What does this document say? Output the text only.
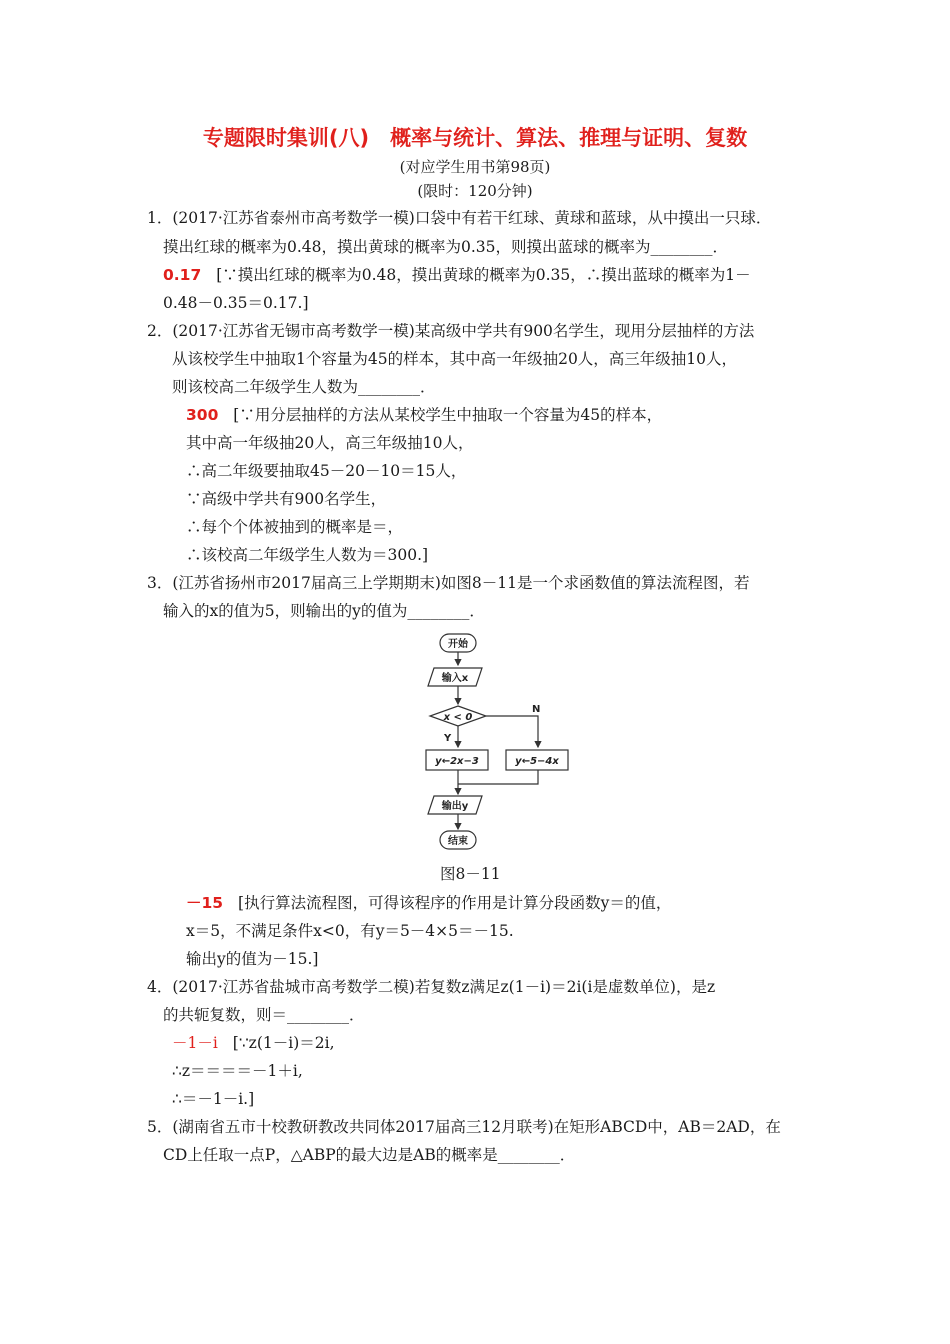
专题限时集训(八)　概率与统计、算法、推理与证明、复数
(对应学生用书第98页)
(限时：120分钟)
1．(2017·江苏省泰州市高考数学一模)口袋中有若干红球、黄球和蓝球，从中摸出一只球．
摸出红球的概率为0.48，摸出黄球的概率为0.35，则摸出蓝球的概率为________．
0.17 [∵摸出红球的概率为0.48，摸出黄球的概率为0.35，∴摸出蓝球的概率为1－
0.48－0.35＝0.17.]
2．(2017·江苏省无锡市高考数学一模)某高级中学共有900名学生，现用分层抽样的方法
从该校学生中抽取1个容量为45的样本，其中高一年级抽20人，高三年级抽10人，
则该校高二年级学生人数为________．
300 [∵用分层抽样的方法从某校学生中抽取一个容量为45的样本，
其中高一年级抽20人，高三年级抽10人，
∴高二年级要抽取45－20－10＝15人，
∵高级中学共有900名学生，
∴每个个体被抽到的概率是＝，
∴该校高二年级学生人数为＝300.]
3．(江苏省扬州市2017届高三上学期期末)如图8－11是一个求函数值的算法流程图，若
输入的x的值为5，则输出的y的值为________．
开始
输入x
x < 0
N
Y
y←2x−3	y←5−4x
输出y
结束
图8－11
－15 [执行算法流程图，可得该程序的作用是计算分段函数y＝的值，
x＝5，不满足条件x<0，有y＝5－4×5＝－15.
输出y的值为－15.]
4．(2017·江苏省盐城市高考数学二模)若复数z满足z(1－i)＝2i(i是虚数单位)，是z
的共轭复数，则＝________．
－1－i [∵z(1－i)＝2i,
∴z＝＝＝＝－1＋i,
∴＝－1－i.]
5．(湖南省五市十校教研教改共同体2017届高三12月联考)在矩形ABCD中，AB＝2AD，在
CD上任取一点P，△ABP的最大边是AB的概率是________．
